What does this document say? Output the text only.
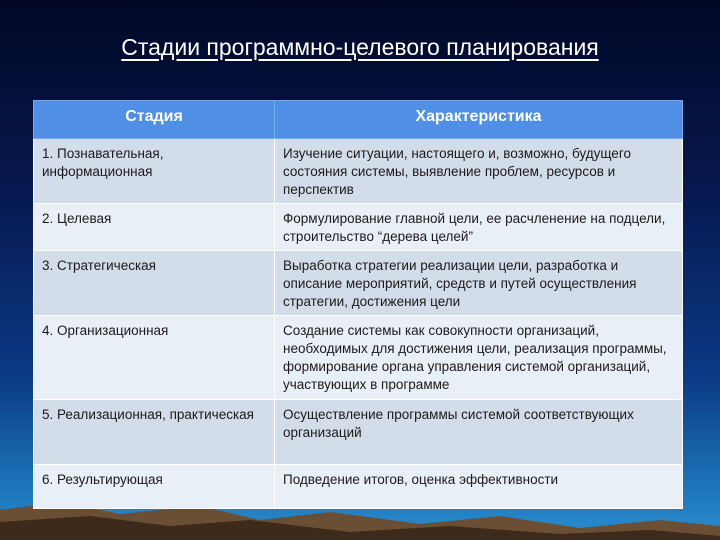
Стадии программно-целевого планирования
Стадия	Характеристика
1. Познавательная, информационная	Изучение ситуации, настоящего и, возможно, будущего состояния системы, выявление проблем, ресурсов и перспектив
2. Целевая	Формулирование главной цели, ее расчленение на подцели, строительство “дерева целей”
3. Стратегическая	Выработка стратегии реализации цели, разработка и описание мероприятий, средств и путей осуществления стратегии, достижения цели
4. Организационная	Создание системы как совокупности организаций, необходимых для достижения цели, реализация программы, формирование органа управления системой организаций, участвующих в программе
5. Реализационная, практическая	Осуществление программы системой соответствующих организаций
6. Результирующая	Подведение итогов, оценка эффективности
